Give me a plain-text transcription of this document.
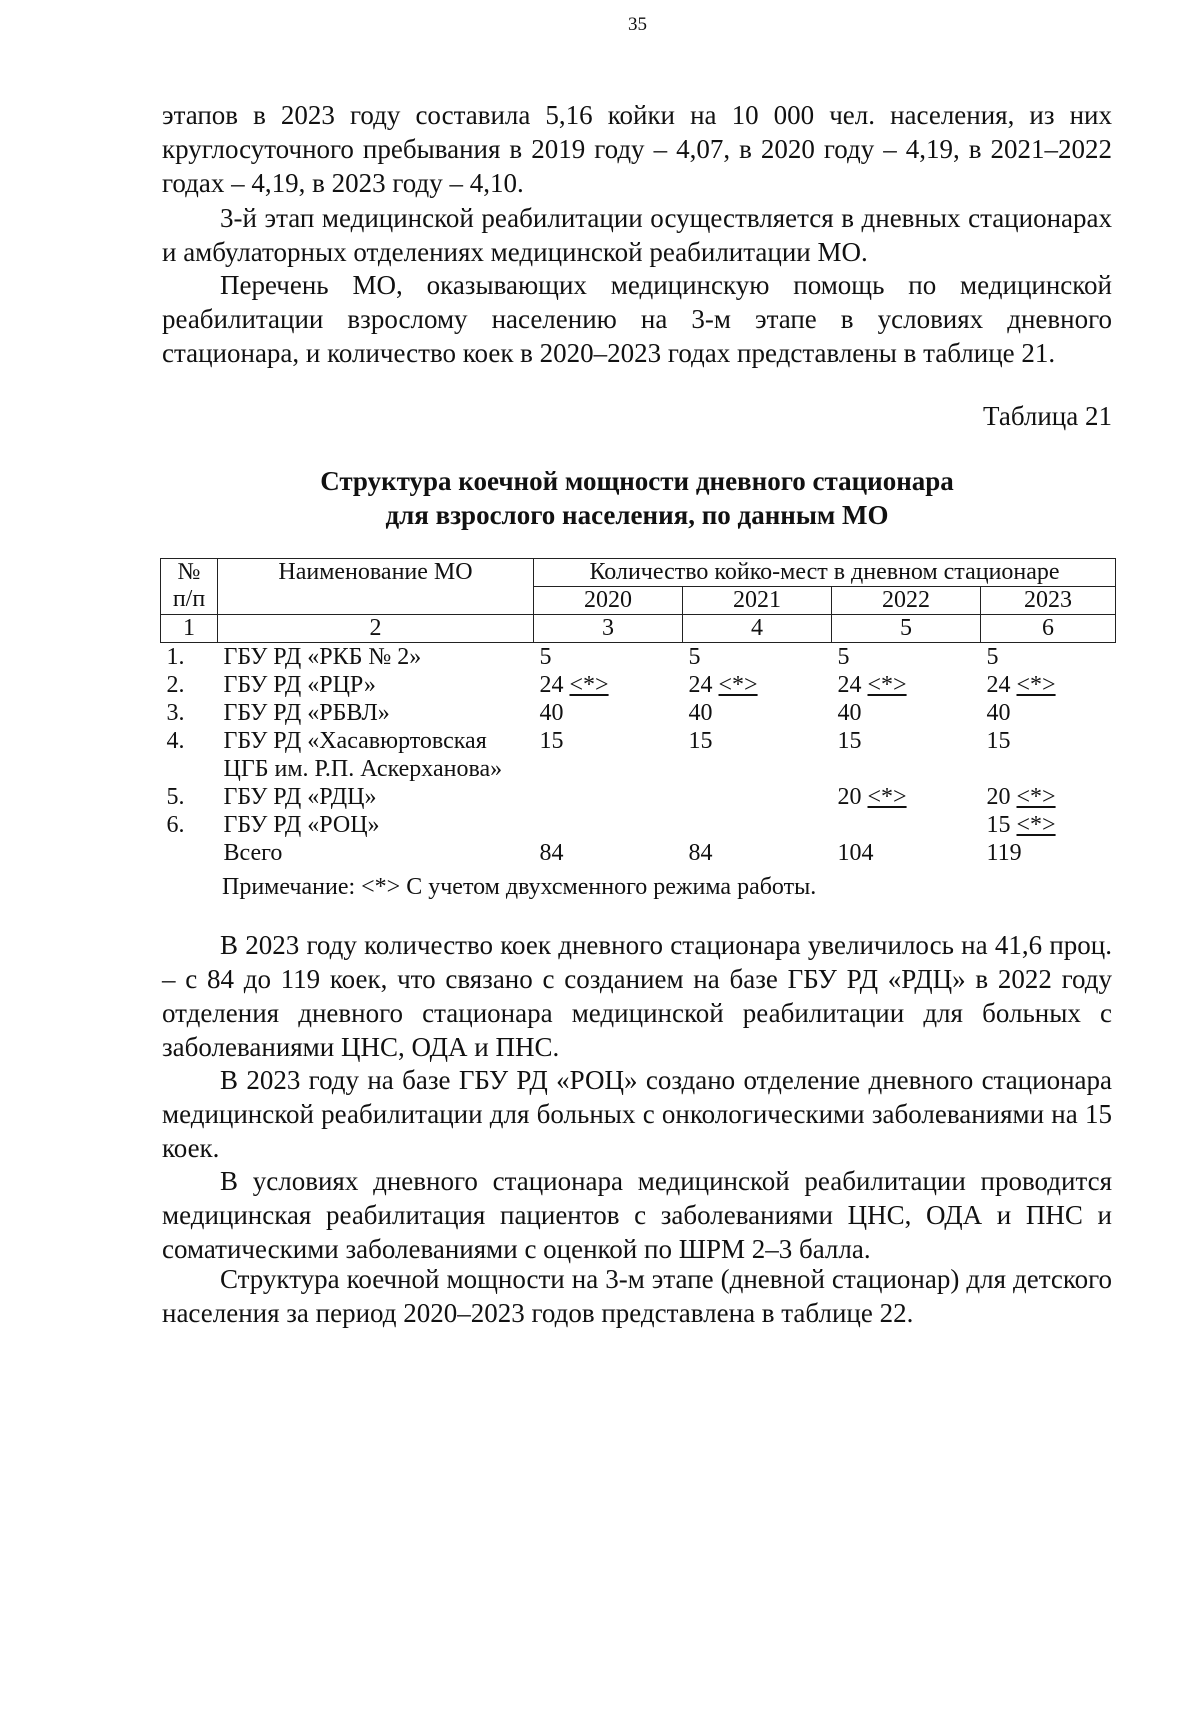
35

этапов в 2023 году составила 5,16 койки на 10 000 чел. населения, из них круглосуточного пребывания в 2019 году – 4,07, в 2020 году – 4,19, в 2021–2022 годах – 4,19, в 2023 году – 4,10.

3-й этап медицинской реабилитации осуществляется в дневных стационарах и амбулаторных отделениях медицинской реабилитации МО.

Перечень МО, оказывающих медицинскую помощь по медицинской реабилитации взрослому населению на 3-м этапе в условиях дневного стационара, и количество коек в 2020–2023 годах представлены в таблице 21.

Таблица 21
Структура коечной мощности дневного стационара
для взрослого населения, по данным МО
№
п/п	Наименование МО	Количество койко-мест в дневном стационаре			
		2020	2021	2022	2023
1	2	3	4	5	6
1.	ГБУ РД «РКБ № 2»	5	5	5	5
2.	ГБУ РД «РЦР»	24 <*>	24 <*>	24 <*>	24 <*>
3.	ГБУ РД «РБВЛ»	40	40	40	40
4.	ГБУ РД «Хасавюртовская
ЦГБ им. Р.П. Аскерханова»	15	15	15	15
5.	ГБУ РД «РДЦ»			20 <*>	20 <*>
6.	ГБУ РД «РОЦ»				15 <*>
	Всего	84	84	104	119
Примечание: <*> С учетом двухсменного режима работы.

В 2023 году количество коек дневного стационара увеличилось на 41,6 проц. – с 84 до 119 коек, что связано с созданием на базе ГБУ РД «РДЦ» в 2022 году отделения дневного стационара медицинской реабилитации для больных с заболеваниями ЦНС, ОДА и ПНС.

В 2023 году на базе ГБУ РД «РОЦ» создано отделение дневного стационара медицинской реабилитации для больных с онкологическими заболеваниями на 15 коек.

В условиях дневного стационара медицинской реабилитации проводится медицинская реабилитация пациентов с заболеваниями ЦНС, ОДА и ПНС и соматическими заболеваниями с оценкой по ШРМ 2–3 балла.

Структура коечной мощности на 3-м этапе (дневной стационар) для детского населения за период 2020–2023 годов представлена в таблице 22.
